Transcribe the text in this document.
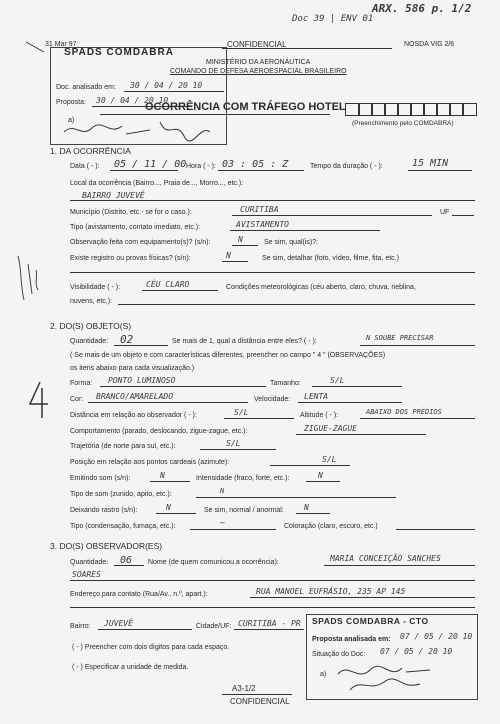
Doc 39 | ENV 01
ARX. 586 p. 1/2
31 Mar 97	CONFIDENCIAL	NOSDA VIG 2/6
SPADS COMDABRA
MINISTÉRIO DA AERONÁUTICA
COMANDO DE DEFESA AEROESPACIAL BRASILEIRO
Doc. analisado em: 30 / 04 / 20 10
Proposta: 30 / 04 / 20 10
a)
OCORRÊNCIA COM TRÁFEGO HOTEL
(Preenchimento pelo COMDABRA)
1. DA OCORRÊNCIA
Data ( - ): 05 / 11 / 00 Hora ( - ): 03 : 05 : Z	Tempo da duração ( - ):	15 MIN
Local da ocorrência (Bairro..., Praia de..., Morro..., etc.):
BAIRRO JUVEVÊ
Município (Distrito, etc.- se for o caso.):	CURITIBA	UF
Tipo (avistamento, contato imediato, etc.):	AVISTAMENTO
Observação feita com equipamento(s)? (s/n):	N	Se sim, qual(is)?:
Existe registro ou provas físicas? (s/n):	N	Se sim, detalhar (foto, vídeo, filme, fita, etc.)
Visibilidade ( - ):	CÉU CLARO	Condições meteorológicas (céu aberto, claro, chuva, neblina,
nuvens, etc.):
2. DO(S) OBJETO(S)
Quantidade: 02	Se mais de 1, qual a distância entre eles? ( - ):	N SOUBE PRECISAR
( Se mais de um objeto e com características diferentes, preencher no campo " 4 " (OBSERVAÇÕES)
os itens abaixo para cada visualização.)
Forma: PONTO LUMINOSO	Tamanho:	S/L
Cor: BRANCO/AMARELADO	Velocidade: LENTA
Distância em relação ao observador ( - ):	S/L	Altitude ( - ):	ABAIXO DOS PRÉDIOS
Comportamento (parado, deslocando, zigue-zague, etc.):	ZIGUE-ZAGUE
Trajetória (de norte para sul, etc.):	S/L
Posição em relação aos pontos cardeais (azimute):	S/L
Emitindo som (s/n):	N	Intensidade (fraco, forte, etc.):	N
Tipo de som (zunido, apito, etc.):	N
Deixando rastro (s/n):	N	Se sim, normal / anormal:	N
Tipo (condensação, fumaça, etc.):	—	Coloração (claro, escuro, etc.)
3. DO(S) OBSERVADOR(ES)
Quantidade: 06 Nome (de quem comunicou a ocorrência):	MARIA CONCEIÇÃO SANCHES
SOARES
Endereço para contato (Rua/Av., n.º, apart.):	RUA MANOEL EUFRÁSIO, 235 AP 145
Bairro: JUVEVÊ	Cidade/UF: CURITIBA - PR
( - ) Preencher com dois dígitos para cada espaço.
( - ) Especificar a unidade de medida.
SPADS COMDABRA - CTO
Proposta analisada em: 07 / 05 / 20 10
Situação do Doc: 07 / 05 / 20 10
a)
A3-1/2
CONFIDENCIAL
